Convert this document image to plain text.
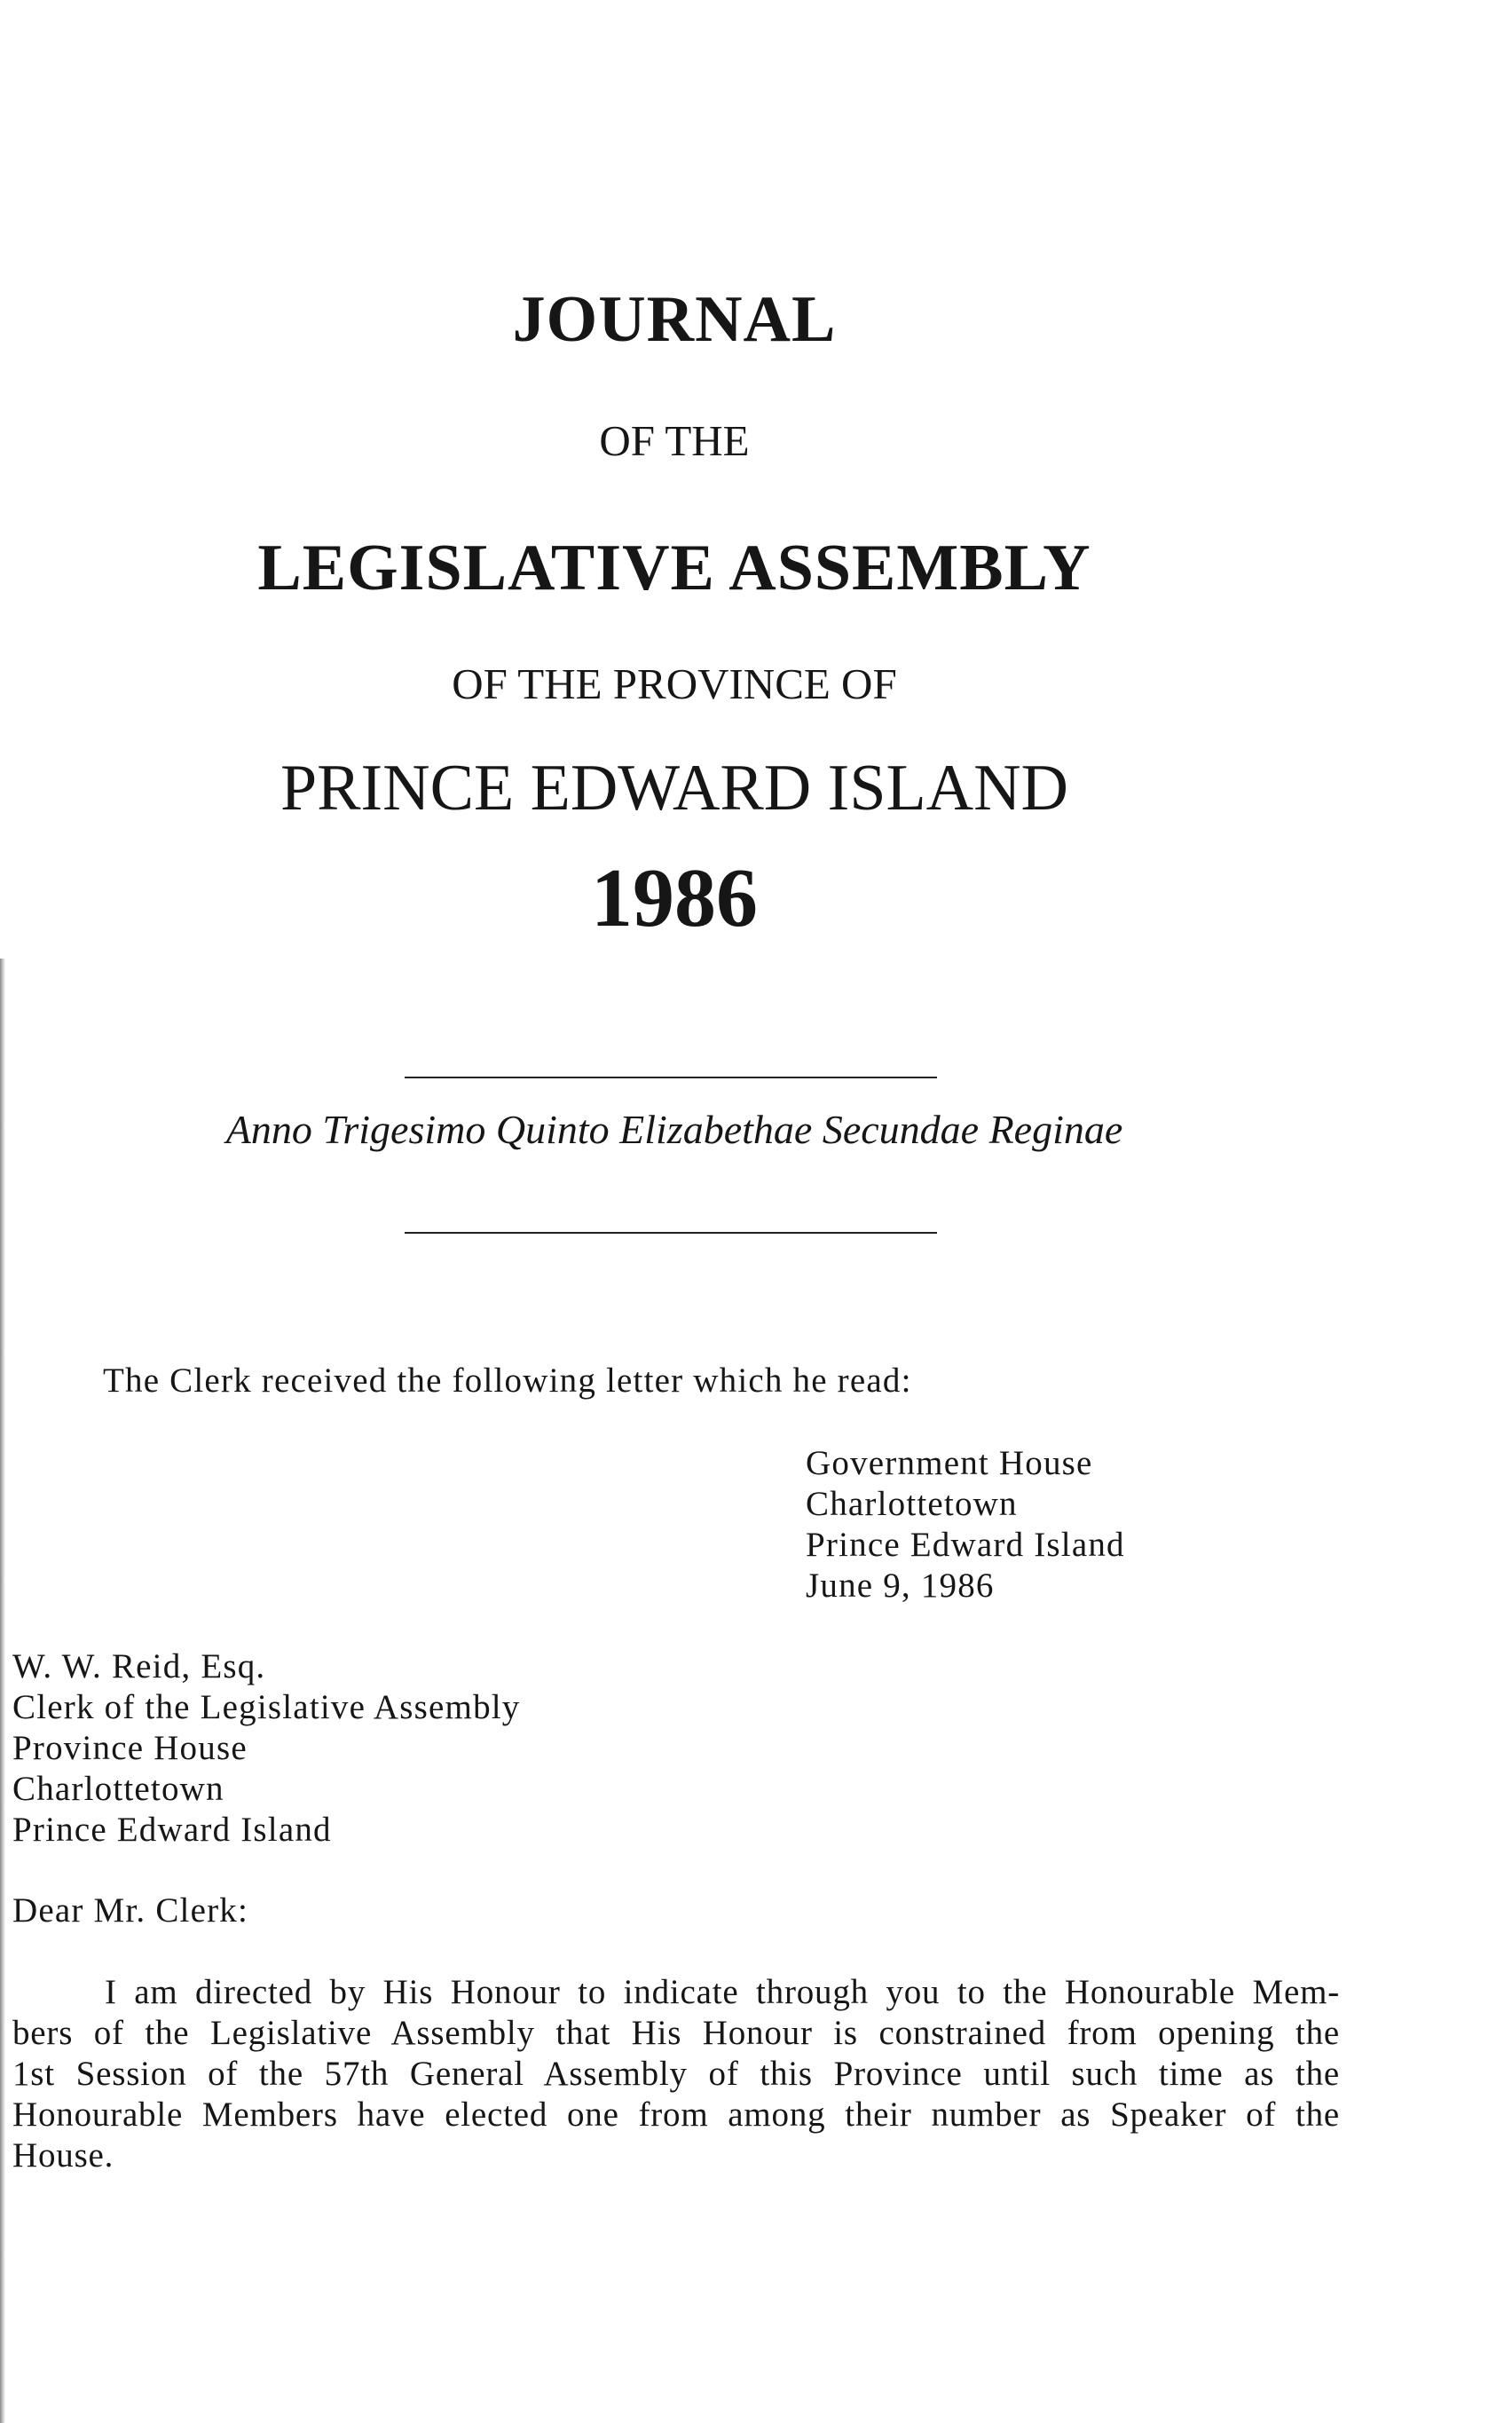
JOURNAL
OF THE
LEGISLATIVE ASSEMBLY
OF THE PROVINCE OF
PRINCE EDWARD ISLAND
1986
Anno Trigesimo Quinto Elizabethae Secundae Reginae
The Clerk received the following letter which he read:
Government House
Charlottetown
Prince Edward Island
June 9, 1986
W. W. Reid, Esq.
Clerk of the Legislative Assembly
Province House
Charlottetown
Prince Edward Island
Dear Mr. Clerk:
I am directed by His Honour to indicate through you to the Honourable Mem-
bers of the Legislative Assembly that His Honour is constrained from opening the
1st Session of the 57th General Assembly of this Province until such time as the
Honourable Members have elected one from among their number as Speaker of the
House.
